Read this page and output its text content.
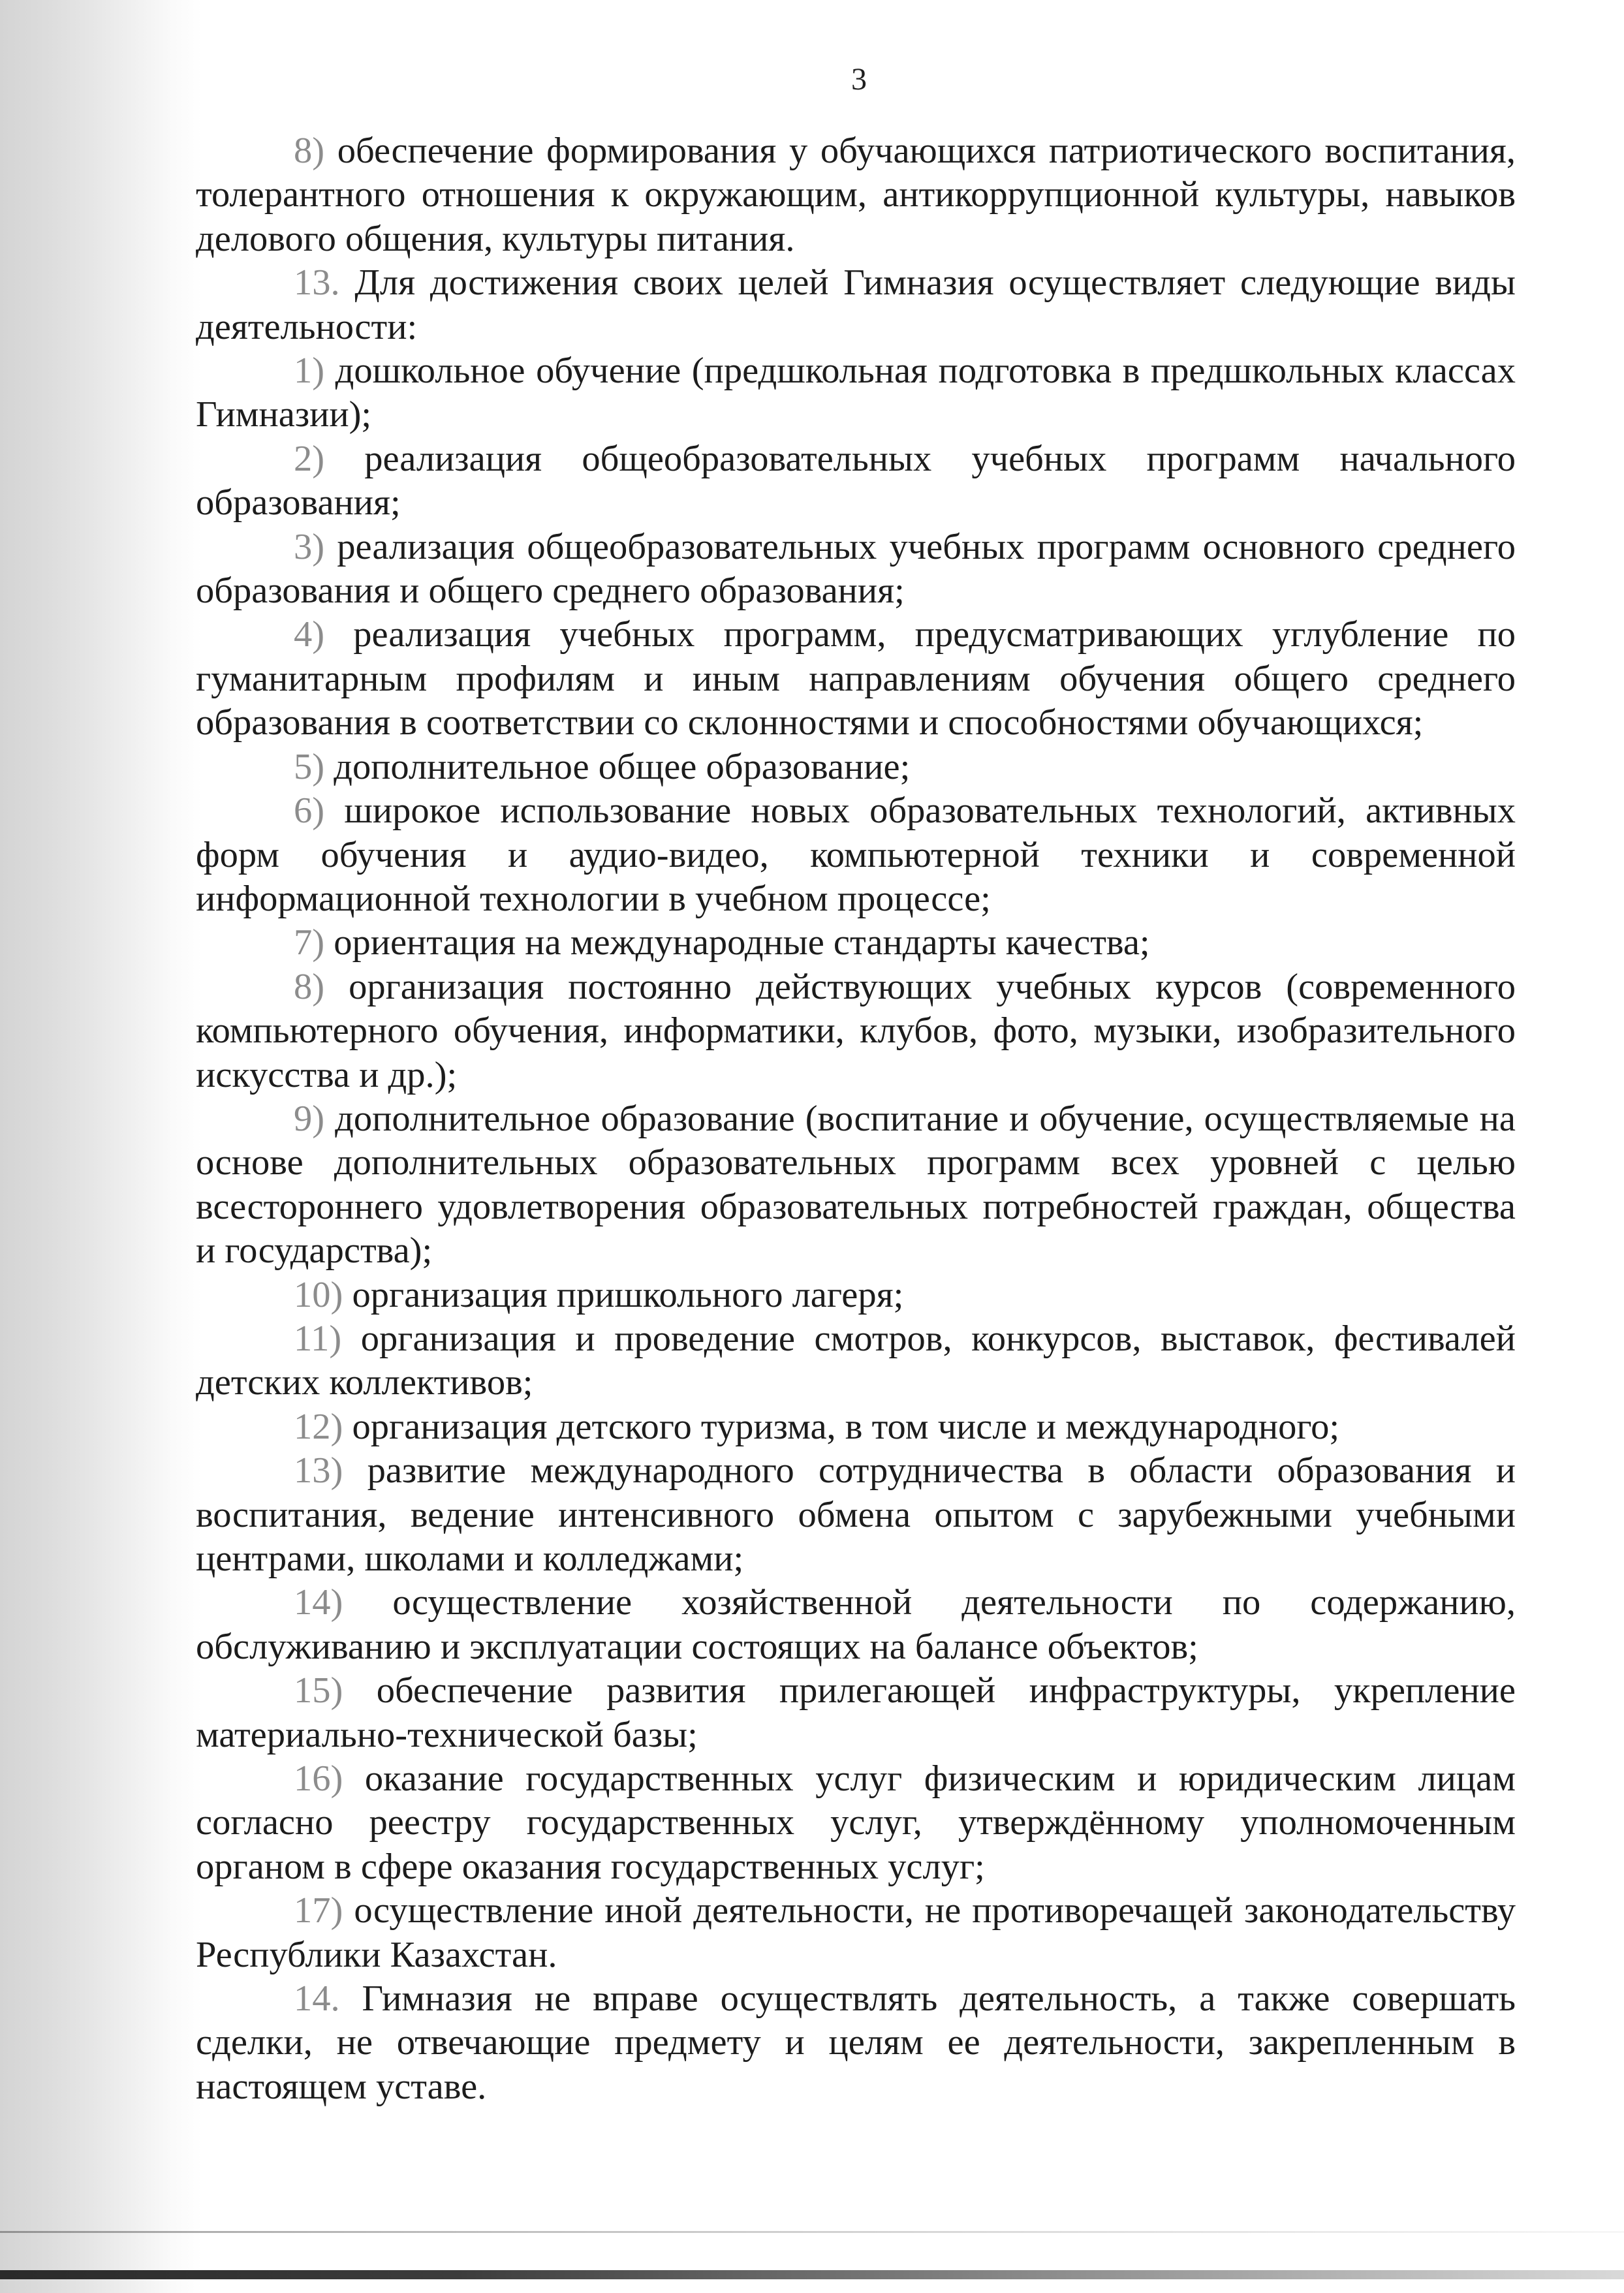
3

8) обеспечение формирования у обучающихся патриотического воспитания, толерантного отношения к окружающим, антикоррупционной культуры, навыков делового общения, культуры питания.

13. Для достижения своих целей Гимназия осуществляет следующие виды деятельности:

1) дошкольное обучение (предшкольная подготовка в предшкольных классах Гимназии);

2) реализация общеобразовательных учебных программ начального образования;

3) реализация общеобразовательных учебных программ основного среднего образования и общего среднего образования;

4) реализация учебных программ, предусматривающих углубление по гуманитарным профилям и иным направлениям обучения общего среднего образования в соответствии со склонностями и способностями обучающихся;

5) дополнительное общее образование;

6) широкое использование новых образовательных технологий, активных форм обучения и аудио-видео, компьютерной техники и современной информационной технологии в учебном процессе;

7) ориентация на международные стандарты качества;

8) организация постоянно действующих учебных курсов (современного компьютерного обучения, информатики, клубов, фото, музыки, изобразительного искусства и др.);

9) дополнительное образование (воспитание и обучение, осуществляемые на основе дополнительных образовательных программ всех уровней с целью всестороннего удовлетворения образовательных потребностей граждан, общества и государства);

10) организация пришкольного лагеря;

11) организация и проведение смотров, конкурсов, выставок, фестивалей детских коллективов;

12) организация детского туризма, в том числе и международного;

13) развитие международного сотрудничества в области образования и воспитания, ведение интенсивного обмена опытом с зарубежными учебными центрами, школами и колледжами;

14) осуществление хозяйственной деятельности по содержанию, обслуживанию и эксплуатации состоящих на балансе объектов;

15) обеспечение развития прилегающей инфраструктуры, укрепление материально-технической базы;

16) оказание государственных услуг физическим и юридическим лицам согласно реестру государственных услуг, утверждённому уполномоченным органом в сфере оказания государственных услуг;

17) осуществление иной деятельности, не противоречащей законодательству Республики Казахстан.

14. Гимназия не вправе осуществлять деятельность, а также совершать сделки, не отвечающие предмету и целям ее деятельности, закрепленным в настоящем уставе.
